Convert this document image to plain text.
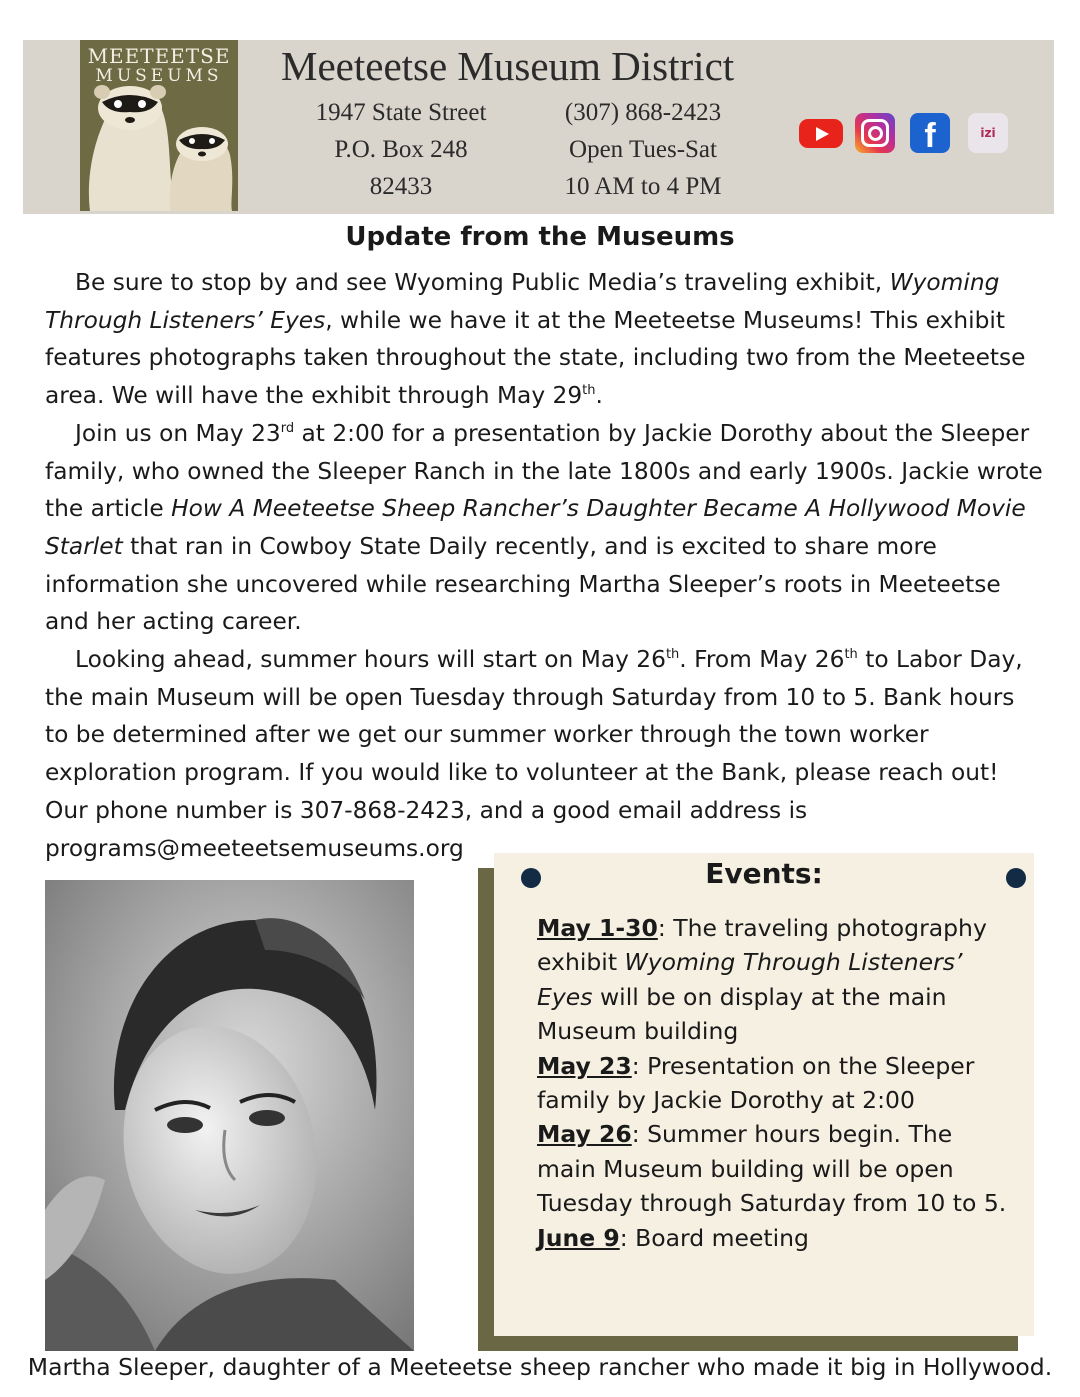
MEETEETSE
MUSEUMS	Meeteetse Museum District
1947 State Street
P.O. Box 248
82433
(307) 868-2423
Open Tues-Sat
10 AM to 4 PM
f	izi
Update from the Museums

Be sure to stop by and see Wyoming Public Media’s traveling exhibit, Wyoming Through Listeners’ Eyes, while we have it at the Meeteetse Museums! This exhibit features photographs taken throughout the state, including two from the Meeteetse area. We will have the exhibit through May 29th.

Join us on May 23rd at 2:00 for a presentation by Jackie Dorothy about the Sleeper family, who owned the Sleeper Ranch in the late 1800s and early 1900s. Jackie wrote the article How A Meeteetse Sheep Rancher’s Daughter Became A Hollywood Movie Starlet that ran in Cowboy State Daily recently, and is excited to share more information she uncovered while researching Martha Sleeper’s roots in Meeteetse and her acting career.

Looking ahead, summer hours will start on May 26th. From May 26th to Labor Day, the main Museum will be open Tuesday through Saturday from 10 to 5. Bank hours to be determined after we get our summer worker through the town worker exploration program. If you would like to volunteer at the Bank, please reach out! Our phone number is 307-868-2423, and a good email address is

programs@meeteetsemuseums.org

Events:

May 1-30: The traveling photography exhibit Wyoming Through Listeners’ Eyes will be on display at the main Museum building

May 23: Presentation on the Sleeper family by Jackie Dorothy at 2:00

May 26: Summer hours begin. The main Museum building will be open Tuesday through Saturday from 10 to 5.

June 9: Board meeting

Martha Sleeper, daughter of a Meeteetse sheep rancher who made it big in Hollywood.
